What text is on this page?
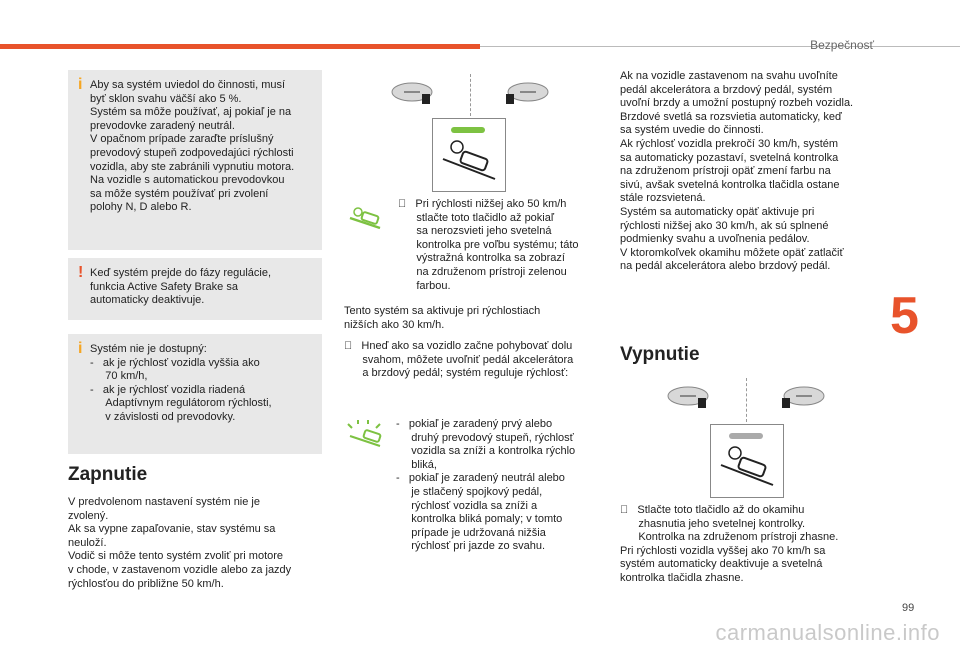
Bezpečnosť
5
99
carmanualsonline.info
i Aby sa systém uviedol do činnosti, musí
byť sklon svahu väčší ako 5 %.
Systém sa môže používať, aj pokiaľ je na
prevodovke zaradený neutrál.
V opačnom prípade zaraďte príslušný
prevodový stupeň zodpovedajúci rýchlosti
vozidla, aby ste zabránili vypnutiu motora.
Na vozidle s automatickou prevodovkou
sa môže systém používať pri zvolení
polohy N, D alebo R.
! Keď systém prejde do fázy regulácie,
funkcia Active Safety Brake sa
automaticky deaktivuje.
i Systém nie je dostupný:
-   ak je rýchlosť vozidla vyššia ako
70 km/h,
-   ak je rýchlosť vozidla riadená
Adaptívnym regulátorom rýchlosti,
v závislosti od prevodovky.
Zapnutie
V predvolenom nastavení systém nie je
zvolený.
Ak sa vypne zapaľovanie, stav systému sa
neuloží.
Vodič si môže tento systém zvoliť pri motore
v chode, v zastavenom vozidle alebo za jazdy
rýchlosťou do približne 50 km/h.
Pri rýchlosti nižšej ako 50 km/h
stlačte toto tlačidlo až pokiaľ
sa nerozsvieti jeho svetelná
kontrolka pre voľbu systému; táto
výstražná kontrolka sa zobrazí
na združenom prístroji zelenou
farbou.
Tento systém sa aktivuje pri rýchlostiach
nižších ako 30 km/h.
Hneď ako sa vozidlo začne pohybovať dolu
svahom, môžete uvoľniť pedál akcelerátora
a brzdový pedál; systém reguluje rýchlosť:
-   pokiaľ je zaradený prvý alebo
druhý prevodový stupeň, rýchlosť
vozidla sa zníži a kontrolka rýchlo
bliká,
-   pokiaľ je zaradený neutrál alebo
je stlačený spojkový pedál,
rýchlosť vozidla sa zníži a
kontrolka bliká pomaly; v tomto
prípade je udržovaná nižšia
rýchlosť pri jazde zo svahu.
Ak na vozidle zastavenom na svahu uvoľníte
pedál akcelerátora a brzdový pedál, systém
uvoľní brzdy a umožní postupný rozbeh vozidla.
Brzdové svetlá sa rozsvietia automaticky, keď
sa systém uvedie do činnosti.
Ak rýchlosť vozidla prekročí 30 km/h, systém
sa automaticky pozastaví, svetelná kontrolka
na združenom prístroji opäť zmení farbu na
sivú, avšak svetelná kontrolka tlačidla ostane
stále rozsvietená.
Systém sa automaticky opäť aktivuje pri
rýchlosti nižšej ako 30 km/h, ak sú splnené
podmienky svahu a uvoľnenia pedálov.
V ktoromkoľvek okamihu môžete opäť zatlačiť
na pedál akcelerátora alebo brzdový pedál.
Vypnutie
Stlačte toto tlačidlo až do okamihu
zhasnutia jeho svetelnej kontrolky.
Kontrolka na združenom prístroji zhasne.
Pri rýchlosti vozidla vyššej ako 70 km/h sa
systém automaticky deaktivuje a svetelná
kontrolka tlačidla zhasne.
